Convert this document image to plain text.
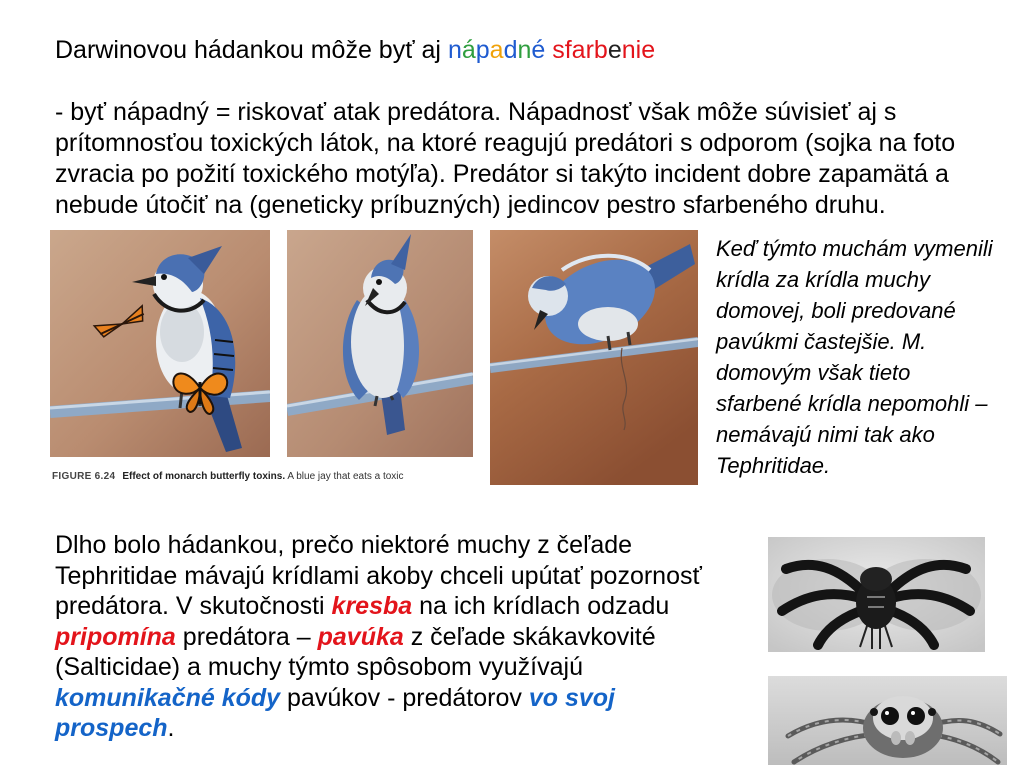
Darwinovou hádankou môže byť aj nápadné sfarbenie
- byť nápadný = riskovať atak predátora. Nápadnosť však môže súvisieť aj s
prítomnosťou toxických látok, na ktoré reagujú predátori s odporom (sojka na foto
zvracia po požití toxického motýľa). Predátor si takýto incident dobre zapamätá a
nebude útočiť na (geneticky príbuzných) jedincov pestro sfarbeného druhu.
FIGURE 6.24 Effect of monarch butterfly toxins. A blue jay that eats a toxic
Keď týmto muchám vymenili
krídla za krídla muchy
domovej, boli predované
pavúkmi častejšie. M.
domovým však tieto
sfarbené krídla nepomohli –
nemávajú nimi tak ako
Tephritidae.
Dlho bolo hádankou, prečo niektoré muchy z čeľade
Tephritidae mávajú krídlami akoby chceli upútať pozornosť
predátora. V skutočnosti kresba na ich krídlach odzadu
pripomína predátora – pavúka z čeľade skákavkovité
(Salticidae) a muchy týmto spôsobom využívajú
komunikačné kódy pavúkov - predátorov vo svoj
prospech.
